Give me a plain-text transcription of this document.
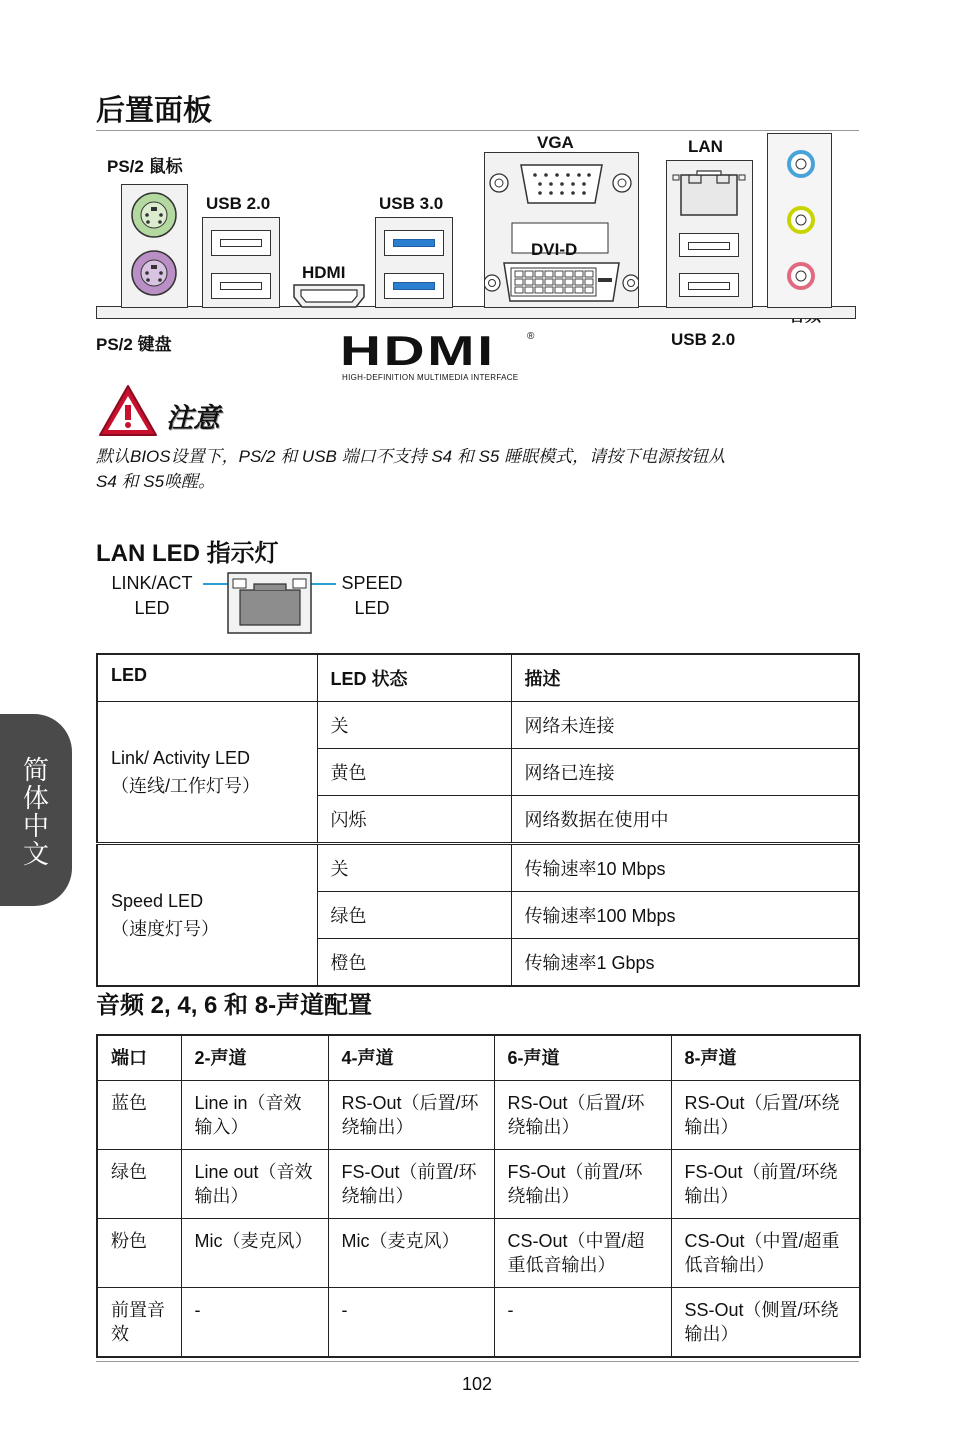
简体中文
后置面板
PS/2 鼠标
USB 2.0
HDMI
USB 3.0
VGA	LAN
PS/2 键盘	USB 2.0
DVI-D
HDMI	®
HIGH-DEFINITION MULTIMEDIA INTERFACE
注意
默认BIOS设置下，PS/2 和 USB 端口不支持 S4 和 S5 睡眠模式，请按下电源按钮从
S4 和 S5唤醒。
LAN LED 指示灯
LINK/ACT
LED
SPEED
LED
LED	LED 状态	描述

Link/ Activity LED
（连线/工作灯号）	关	网络未连接
	黄色	网络已连接
	闪烁	网络数据在使用中

Speed LED
（速度灯号）	关	传输速率10 Mbps
	绿色	传输速率100 Mbps
	橙色	传输速率1 Gbps
音频 2, 4, 6 和 8-声道配置
端口	2-声道	4-声道	6-声道	8-声道
蓝色	Line in（音效输入）	RS-Out（后置/环绕输出）	RS-Out（后置/环绕输出）	RS-Out（后置/环绕输出）
绿色	Line out（音效输出）	FS-Out（前置/环绕输出）	FS-Out（前置/环绕输出）	FS-Out（前置/环绕输出）
粉色	Mic（麦克风）	Mic（麦克风）	CS-Out（中置/超重低音输出）	CS-Out（中置/超重低音输出）
前置音效	-	-	-	SS-Out（侧置/环绕输出）
102
